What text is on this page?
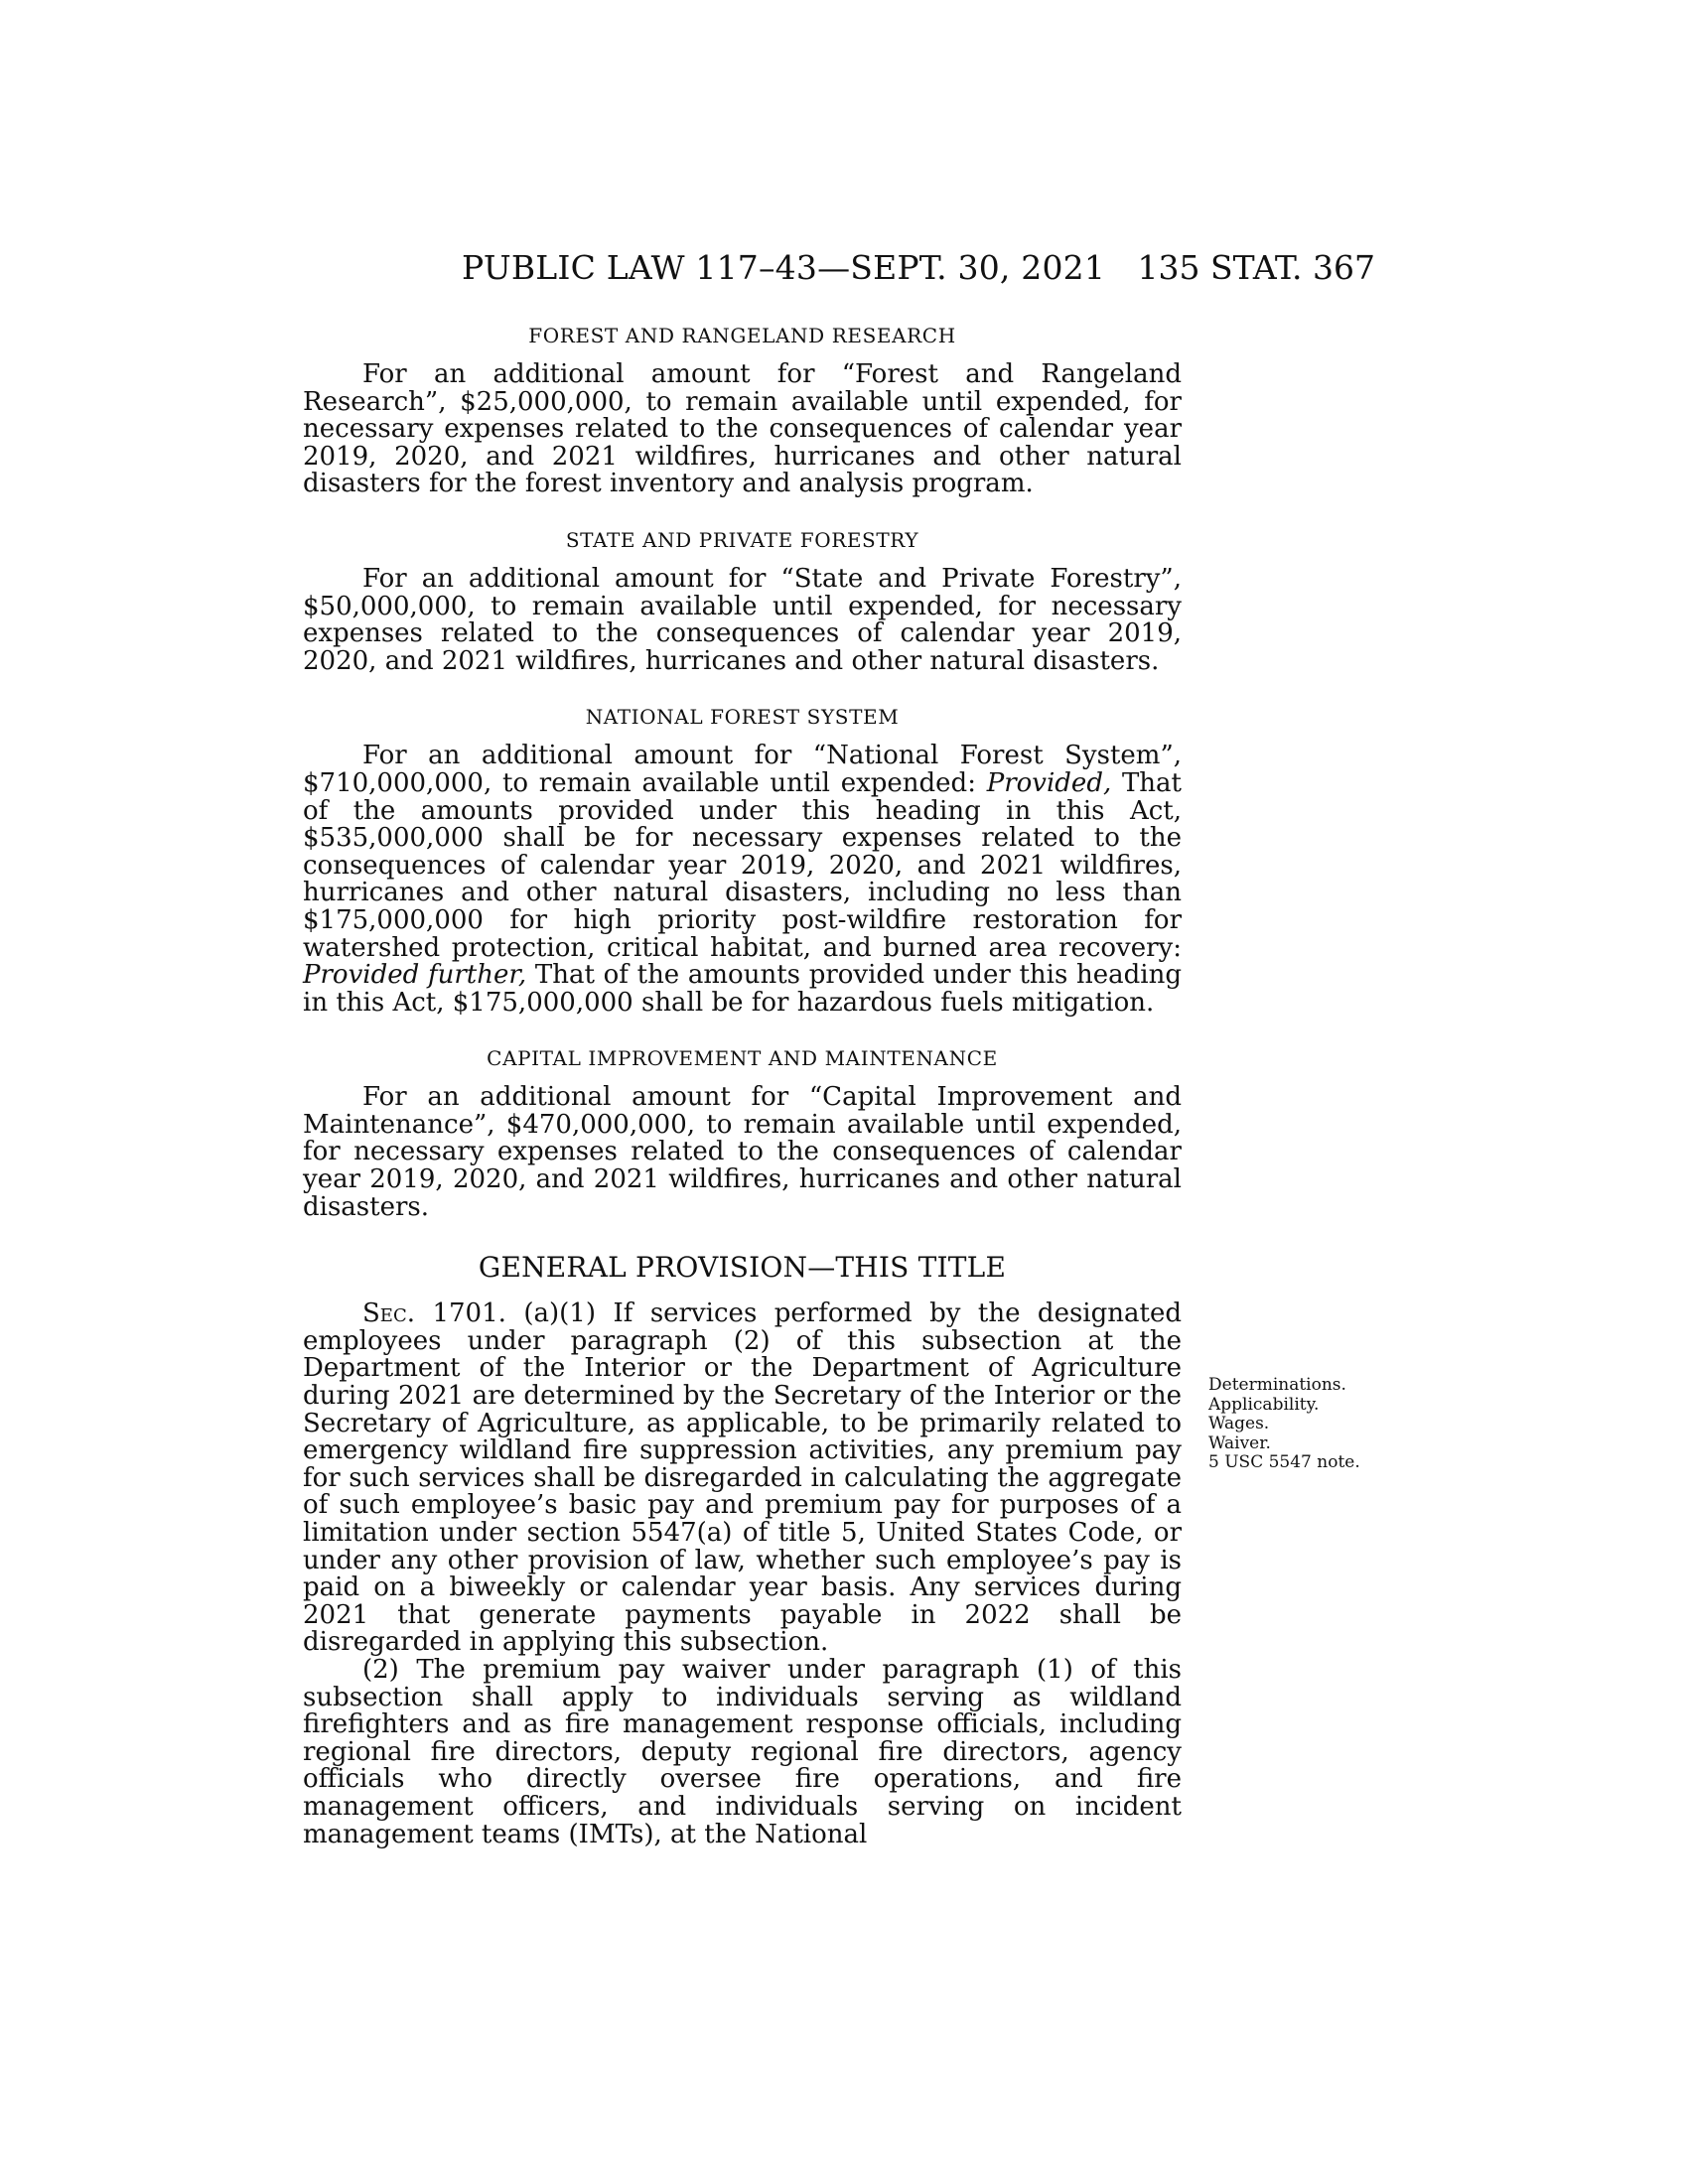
PUBLIC LAW 117–43—SEPT. 30, 2021 135 STAT. 367
FOREST AND RANGELAND RESEARCH

For an additional amount for “Forest and Rangeland Research”, $25,000,000, to remain available until expended, for necessary expenses related to the consequences of calendar year 2019, 2020, and 2021 wildfires, hurricanes and other natural disasters for the forest inventory and analysis program.

STATE AND PRIVATE FORESTRY

For an additional amount for “State and Private Forestry”, $50,000,000, to remain available until expended, for necessary expenses related to the consequences of calendar year 2019, 2020, and 2021 wildfires, hurricanes and other natural disasters.

NATIONAL FOREST SYSTEM

For an additional amount for “National Forest System”, $710,000,000, to remain available until expended: Provided, That of the amounts provided under this heading in this Act, $535,000,000 shall be for necessary expenses related to the consequences of calendar year 2019, 2020, and 2021 wildfires, hurricanes and other natural disasters, including no less than $175,000,000 for high priority post-wildfire restoration for watershed protection, critical habitat, and burned area recovery: Provided further, That of the amounts provided under this heading in this Act, $175,000,000 shall be for hazardous fuels mitigation.

CAPITAL IMPROVEMENT AND MAINTENANCE

For an additional amount for “Capital Improvement and Maintenance”, $470,000,000, to remain available until expended, for necessary expenses related to the consequences of calendar year 2019, 2020, and 2021 wildfires, hurricanes and other natural disasters.

GENERAL PROVISION—THIS TITLE

Sec. 1701. (a)(1) If services performed by the designated employees under paragraph (2) of this subsection at the Department of the Interior or the Department of Agriculture during 2021 are determined by the Secretary of the Interior or the Secretary of Agriculture, as applicable, to be primarily related to emergency wildland fire suppression activities, any premium pay for such services shall be disregarded in calculating the aggregate of such employee’s basic pay and premium pay for purposes of a limitation under section 5547(a) of title 5, United States Code, or under any other provision of law, whether such employee’s pay is paid on a biweekly or calendar year basis. Any services during 2021 that generate payments payable in 2022 shall be disregarded in applying this subsection.

(2) The premium pay waiver under paragraph (1) of this subsection shall apply to individuals serving as wildland firefighters and as fire management response officials, including regional fire directors, deputy regional fire directors, agency officials who directly oversee fire operations, and fire management officers, and individuals serving on incident management teams (IMTs), at the National

Determinations.
Applicability.
Wages.
Waiver.
5 USC 5547 note.
